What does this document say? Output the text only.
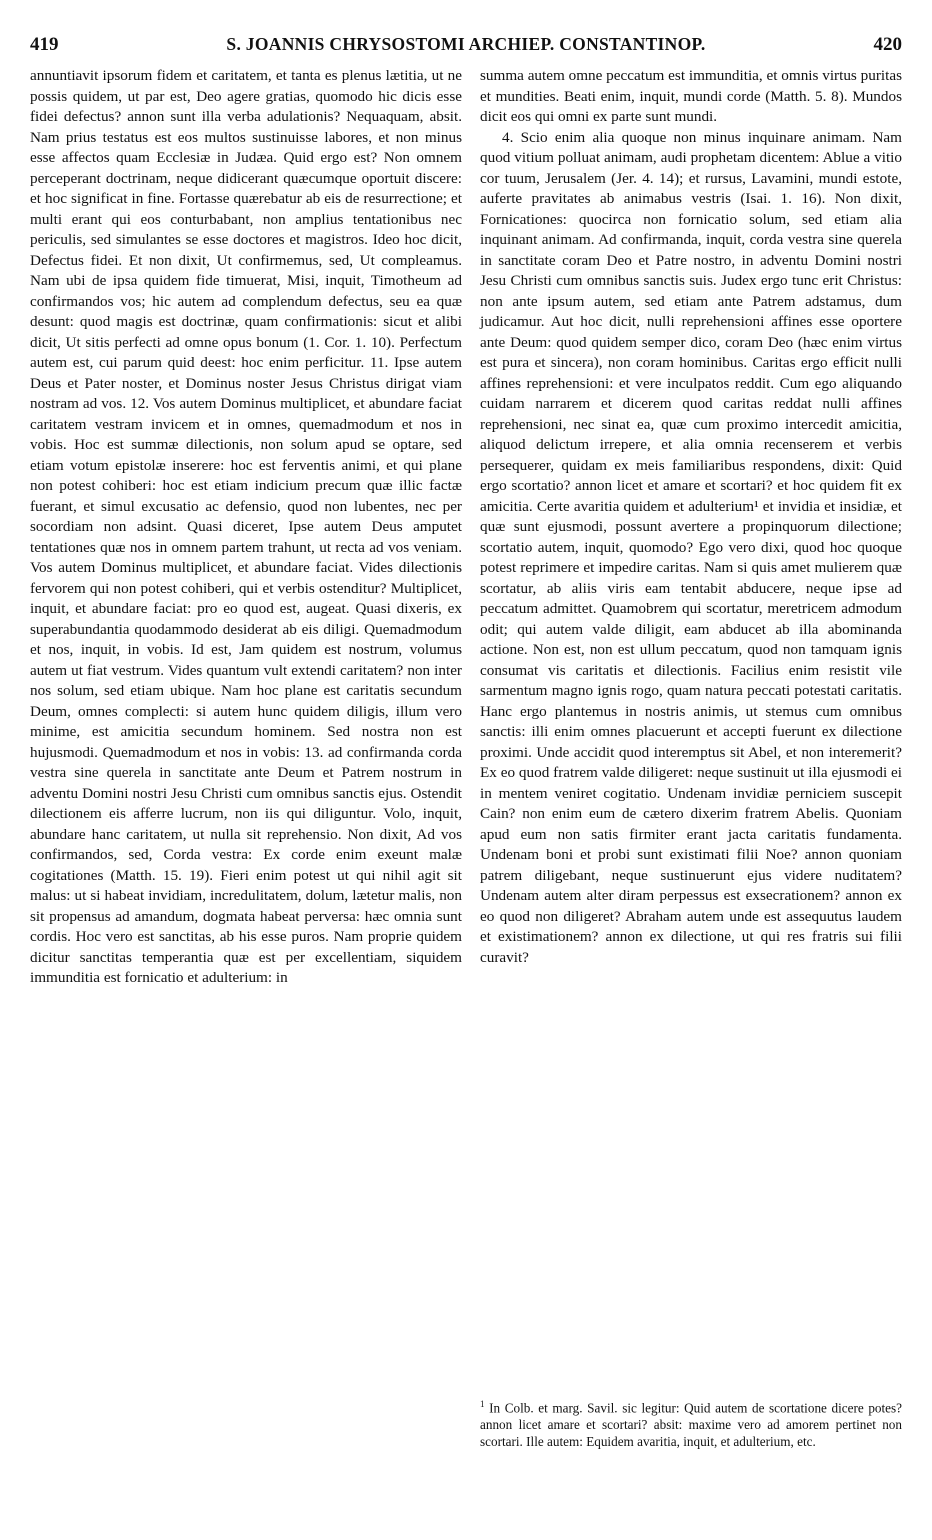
419	S. JOANNIS CHRYSOSTOMI ARCHIEP. CONSTANTINOP.	420

annuntiavit ipsorum fidem et caritatem, et tanta es plenus lætitia, ut ne possis quidem, ut par est, Deo agere gratias, quomodo hic dicis esse fidei defectus? annon sunt illa verba adulationis? Nequaquam, absit. Nam prius testatus est eos multos sustinuisse labores, et non minus esse affectos quam Ecclesiæ in Judæa. Quid ergo est? Non omnem perceperant doctrinam, neque didicerant quæcumque oportuit discere: et hoc significat in fine. Fortasse quærebatur ab eis de resurrectione; et multi erant qui eos conturbabant, non amplius tentationibus nec periculis, sed simulantes se esse doctores et magistros. Ideo hoc dicit, Defectus fidei. Et non dixit, Ut confirmemus, sed, Ut compleamus. Nam ubi de ipsa quidem fide timuerat, Misi, inquit, Timotheum ad confirmandos vos; hic autem ad complendum defectus, seu ea quæ desunt: quod magis est doctrinæ, quam confirmationis: sicut et alibi dicit, Ut sitis perfecti ad omne opus bonum (1. Cor. 1. 10). Perfectum autem est, cui parum quid deest: hoc enim perficitur. 11. Ipse autem Deus et Pater noster, et Dominus noster Jesus Christus dirigat viam nostram ad vos. 12. Vos autem Dominus multiplicet, et abundare faciat caritatem vestram invicem et in omnes, quemadmodum et nos in vobis. Hoc est summæ dilectionis, non solum apud se optare, sed etiam votum epistolæ inserere: hoc est ferventis animi, et qui plane non potest cohiberi: hoc est etiam indicium precum quæ illic factæ fuerant, et simul excusatio ac defensio, quod non lubentes, nec per socordiam non adsint. Quasi diceret, Ipse autem Deus amputet tentationes quæ nos in omnem partem trahunt, ut recta ad vos veniam. Vos autem Dominus multiplicet, et abundare faciat. Vides dilectionis fervorem qui non potest cohiberi, qui et verbis ostenditur? Multiplicet, inquit, et abundare faciat: pro eo quod est, augeat. Quasi dixeris, ex superabundantia quodammodo desiderat ab eis diligi. Quemadmodum et nos, inquit, in vobis. Id est, Jam quidem est nostrum, volumus autem ut fiat vestrum. Vides quantum vult extendi caritatem? non inter nos solum, sed etiam ubique. Nam hoc plane est caritatis secundum Deum, omnes complecti: si autem hunc quidem diligis, illum vero minime, est amicitia secundum hominem. Sed nostra non est hujusmodi. Quemadmodum et nos in vobis: 13. ad confirmanda corda vestra sine querela in sanctitate ante Deum et Patrem nostrum in adventu Domini nostri Jesu Christi cum omnibus sanctis ejus. Ostendit dilectionem eis afferre lucrum, non iis qui diliguntur. Volo, inquit, abundare hanc caritatem, ut nulla sit reprehensio. Non dixit, Ad vos confirmandos, sed, Corda vestra: Ex corde enim exeunt malæ cogitationes (Matth. 15. 19). Fieri enim potest ut qui nihil agit sit malus: ut si habeat invidiam, incredulitatem, dolum, lætetur malis, non sit propensus ad amandum, dogmata habeat perversa: hæc omnia sunt cordis. Hoc vero est sanctitas, ab his esse puros. Nam proprie quidem dicitur sanctitas temperantia quæ est per excellentiam, siquidem immunditia est fornicatio et adulterium: in

summa autem omne peccatum est immunditia, et omnis virtus puritas et mundities. Beati enim, inquit, mundi corde (Matth. 5. 8). Mundos dicit eos qui omni ex parte sunt mundi.

4. Scio enim alia quoque non minus inquinare animam. Nam quod vitium polluat animam, audi prophetam dicentem: Ablue a vitio cor tuum, Jerusalem (Jer. 4. 14); et rursus, Lavamini, mundi estote, auferte pravitates ab animabus vestris (Isai. 1. 16). Non dixit, Fornicationes: quocirca non fornicatio solum, sed etiam alia inquinant animam. Ad confirmanda, inquit, corda vestra sine querela in sanctitate coram Deo et Patre nostro, in adventu Domini nostri Jesu Christi cum omnibus sanctis suis. Judex ergo tunc erit Christus: non ante ipsum autem, sed etiam ante Patrem adstamus, dum judicamur. Aut hoc dicit, nulli reprehensioni affines esse oportere ante Deum: quod quidem semper dico, coram Deo (hæc enim virtus est pura et sincera), non coram hominibus. Caritas ergo efficit nulli affines reprehensioni: et vere inculpatos reddit. Cum ego aliquando cuidam narrarem et dicerem quod caritas reddat nulli affines reprehensioni, nec sinat ea, quæ cum proximo intercedit amicitia, aliquod delictum irrepere, et alia omnia recenserem et verbis persequerer, quidam ex meis familiaribus respondens, dixit: Quid ergo scortatio? annon licet et amare et scortari? et hoc quidem fit ex amicitia. Certe avaritia quidem et adulterium¹ et invidia et insidiæ, et quæ sunt ejusmodi, possunt avertere a propinquorum dilectione; scortatio autem, inquit, quomodo? Ego vero dixi, quod hoc quoque potest reprimere et impedire caritas. Nam si quis amet mulierem quæ scortatur, ab aliis viris eam tentabit abducere, neque ipse ad peccatum admittet. Quamobrem qui scortatur, meretricem admodum odit; qui autem valde diligit, eam abducet ab illa abominanda actione. Non est, non est ullum peccatum, quod non tamquam ignis consumat vis caritatis et dilectionis. Facilius enim resistit vile sarmentum magno ignis rogo, quam natura peccati potestati caritatis. Hanc ergo plantemus in nostris animis, ut stemus cum omnibus sanctis: illi enim omnes placuerunt et accepti fuerunt ex dilectione proximi. Unde accidit quod interemptus sit Abel, et non interemerit? Ex eo quod fratrem valde diligeret: neque sustinuit ut illa ejusmodi ei in mentem veniret cogitatio. Undenam invidiæ perniciem suscepit Cain? non enim eum de cætero dixerim fratrem Abelis. Quoniam apud eum non satis firmiter erant jacta caritatis fundamenta. Undenam boni et probi sunt existimati filii Noe? annon quoniam patrem diligebant, neque sustinuerunt ejus videre nuditatem? Undenam autem alter diram perpessus est exsecrationem? annon ex eo quod non diligeret? Abraham autem unde est assequutus laudem et existimationem? annon ex dilectione, ut qui res fratris sui filii curavit?

$^1$ In Colb. et marg. Savil. sic legitur: Quid autem de scortatione dicere potes? annon licet amare et scortari? absit: maxime vero ad amorem pertinet non scortari. Ille autem: Equidem avaritia, inquit, et adulterium, etc.
